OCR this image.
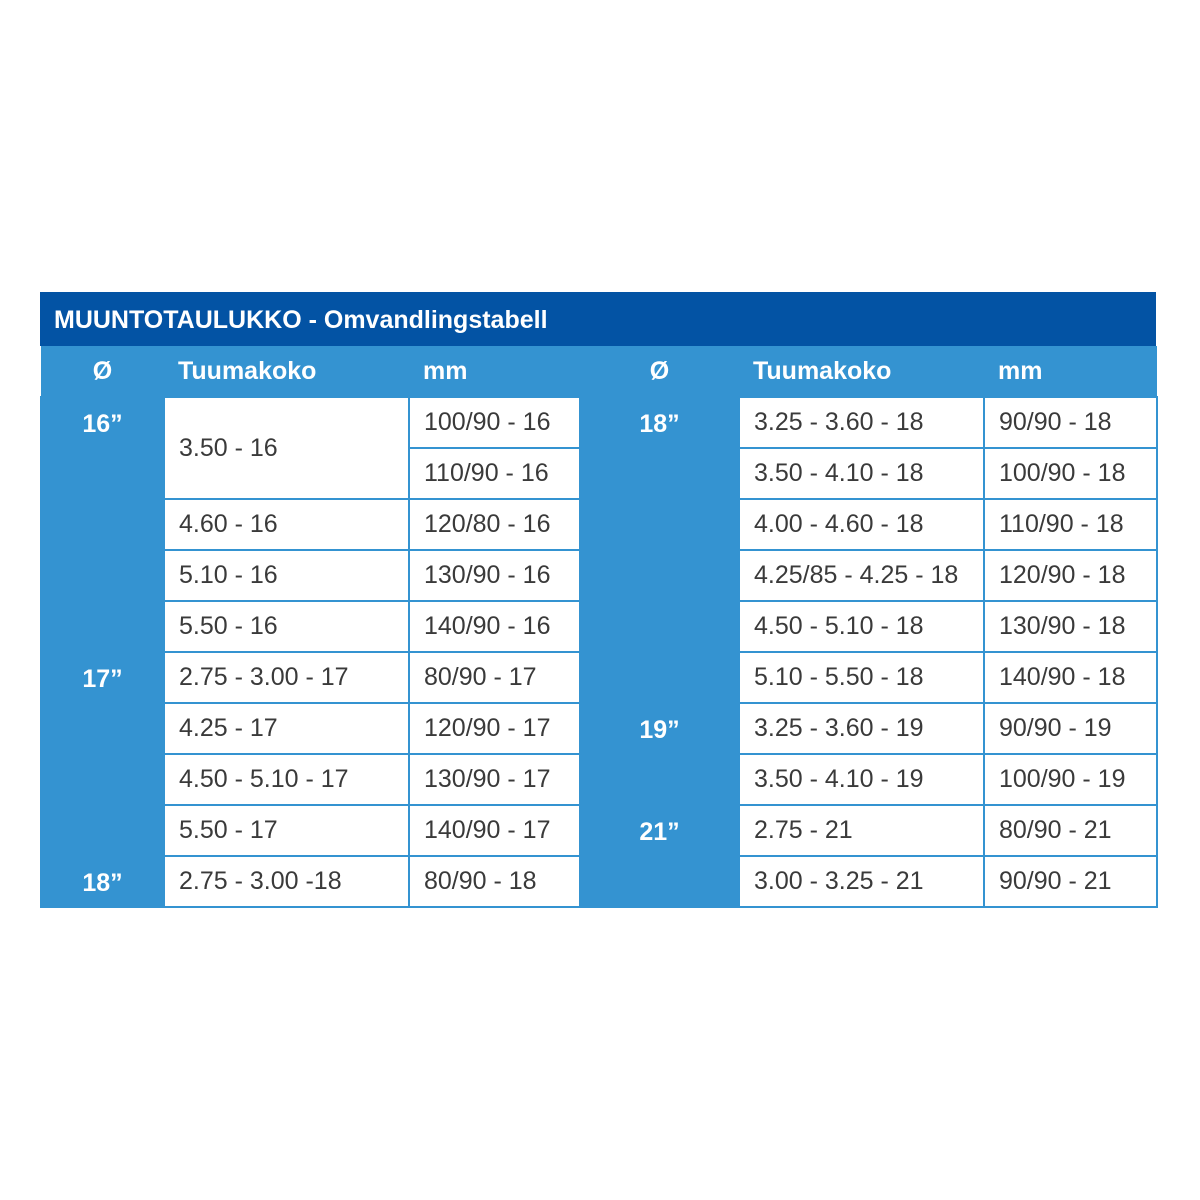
MUUNTOTAULUKKO - Omvandlingstabell
Ø	Tuumakoko	mm	Ø	Tuumakoko	mm
16”	3.50 - 16	100/90 - 16	18”	3.25 - 3.60 - 18	90/90 - 18
		110/90 - 16		3.50 - 4.10 - 18	100/90 - 18
	4.60 - 16	120/80 - 16		4.00 - 4.60 - 18	110/90 - 18
	5.10 - 16	130/90 - 16		4.25/85 - 4.25 - 18	120/90 - 18
	5.50 - 16	140/90 - 16		4.50 - 5.10 - 18	130/90 - 18
17”	2.75 - 3.00 - 17	80/90 - 17		5.10 - 5.50 - 18	140/90 - 18
	4.25 - 17	120/90 - 17	19”	3.25 - 3.60 - 19	90/90 - 19
	4.50 - 5.10 - 17	130/90 - 17		3.50 - 4.10 - 19	100/90 - 19
	5.50 - 17	140/90 - 17	21”	2.75 - 21	80/90 - 21
18”	2.75 - 3.00 -18	80/90 - 18		3.00 - 3.25 - 21	90/90 - 21
